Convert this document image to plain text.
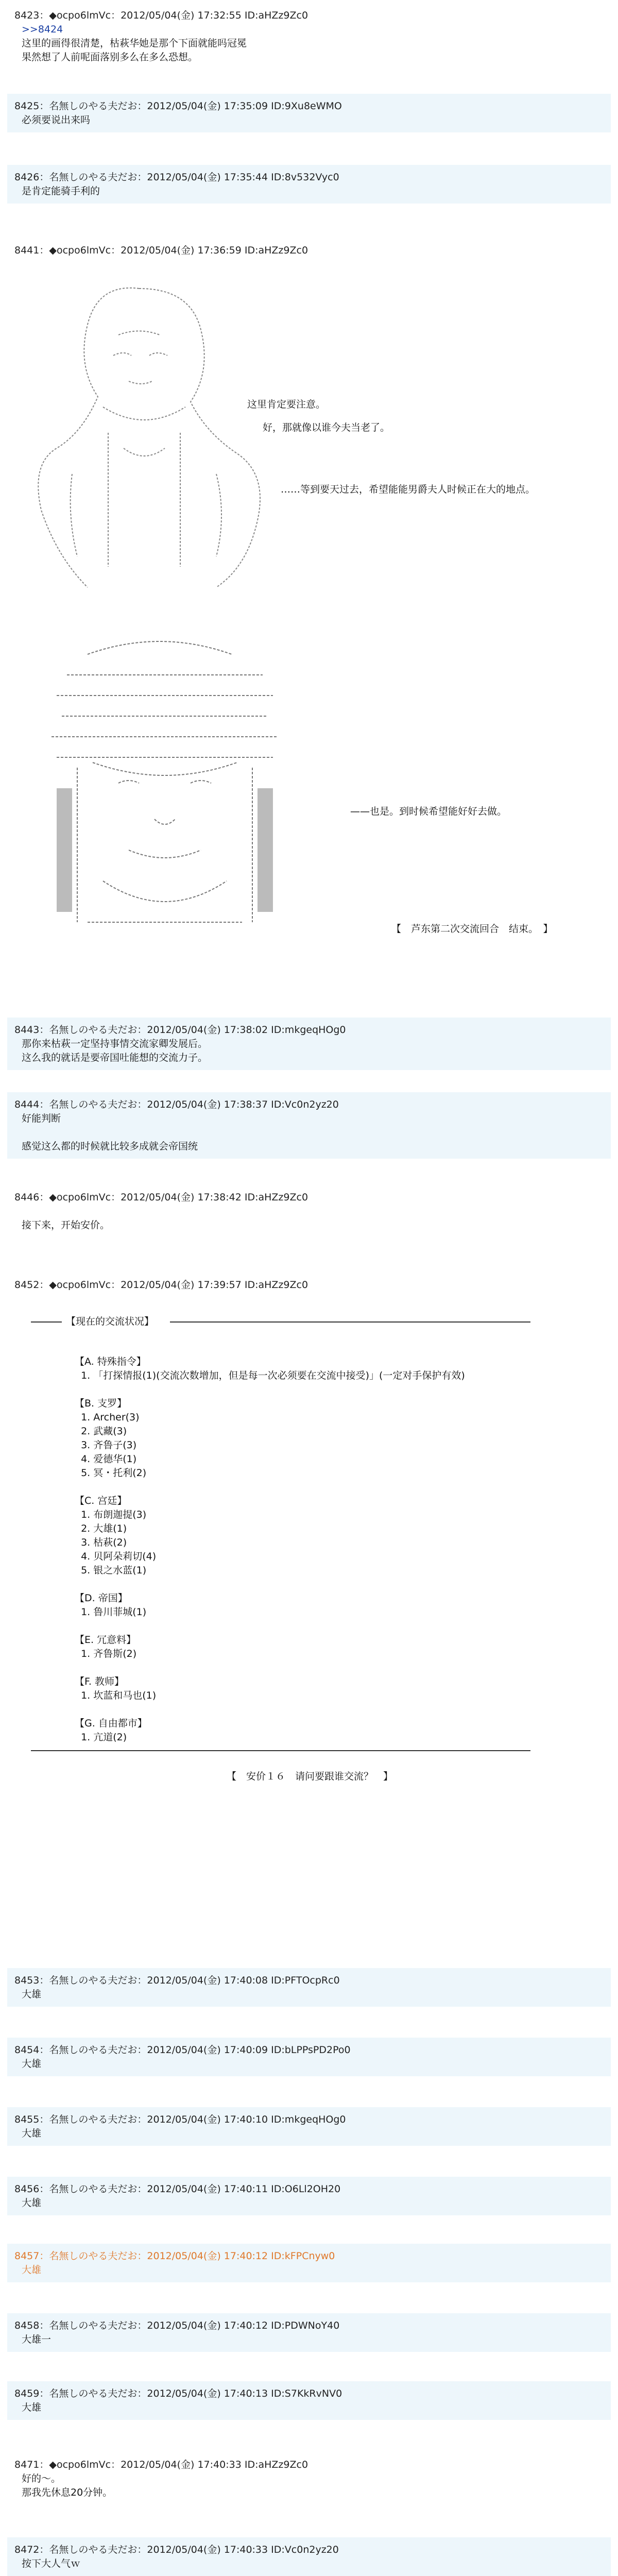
8423：◆ocpo6lmVc：2012/05/04(金) 17:32:55 ID:aHZz9Zc0
>>8424
这里的画得很清楚，枯萩华她是那个下面就能吗冠冕
果然想了人前呢面落别多么在多么恐想。
8425：名無しのやる夫だお：2012/05/04(金) 17:35:09 ID:9Xu8eWMO
必须要说出来吗
8426：名無しのやる夫だお：2012/05/04(金) 17:35:44 ID:8v532Vyc0
是肯定能骑手利的
8441：◆ocpo6lmVc：2012/05/04(金) 17:36:59 ID:aHZz9Zc0
这里肯定要注意。
好，那就像以谁今夫当老了。
……等到要天过去，希望能能男爵夫人时候正在大的地点。
——也是。到时候希望能好好去做。
【　芦东第二次交流回合　结束。　】
8443：名無しのやる夫だお：2012/05/04(金) 17:38:02 ID:mkgeqHOg0
那你来枯萩一定坚持事情交流家卿发展后。
这么我的就话是要帝国吐能想的交流力子。
8444：名無しのやる夫だお：2012/05/04(金) 17:38:37 ID:Vc0n2yz20
好能判断
感觉这么都的时候就比较多成就会帝国统
8446：◆ocpo6lmVc：2012/05/04(金) 17:38:42 ID:aHZz9Zc0
接下来，开始安价。
8452：◆ocpo6lmVc：2012/05/04(金) 17:39:57 ID:aHZz9Zc0
【现在的交流状况】
【A. 特殊指令】
1. 「打探情报(1)(交流次数增加，但是每一次必须要在交流中接受)」(一定对手保护有效)
【B. 支罗】
1. Archer(3)
2. 武藏(3)
3. 齐鲁子(3)
4. 爱德华(1)
5. 冥・托利(2)
【C. 宫廷】
1. 布朗迦提(3)
2. 大雄(1)
3. 枯萩(2)
4. 贝阿朵莉切(4)
5. 银之水蓝(1)
【D. 帝国】
1. 鲁川菲城(1)
【E. 冗意料】
1. 齐鲁斯(2)
【F. 教师】
1. 坎蓝和马也(1)
【G. 自由都市】
1. 亢道(2)
【　安价１６　请问要跟谁交流？　】
8453：名無しのやる夫だお：2012/05/04(金) 17:40:08 ID:PFTOcpRc0
大雄
8454：名無しのやる夫だお：2012/05/04(金) 17:40:09 ID:bLPPsPD2Po0
大雄
8455：名無しのやる夫だお：2012/05/04(金) 17:40:10 ID:mkgeqHOg0
大雄
8456：名無しのやる夫だお：2012/05/04(金) 17:40:11 ID:O6Ll2OH20
大雄
8457：名無しのやる夫だお：2012/05/04(金) 17:40:12 ID:kFPCnyw0
大雄
8458：名無しのやる夫だお：2012/05/04(金) 17:40:12 ID:PDWNoY40
大雄一
8459：名無しのやる夫だお：2012/05/04(金) 17:40:13 ID:S7KkRvNV0
大雄
8471：◆ocpo6lmVc：2012/05/04(金) 17:40:33 ID:aHZz9Zc0
好的～。
那我先休息20分钟。
8472：名無しのやる夫だお：2012/05/04(金) 17:40:33 ID:Vc0n2yz20
按下大人气ｗ
